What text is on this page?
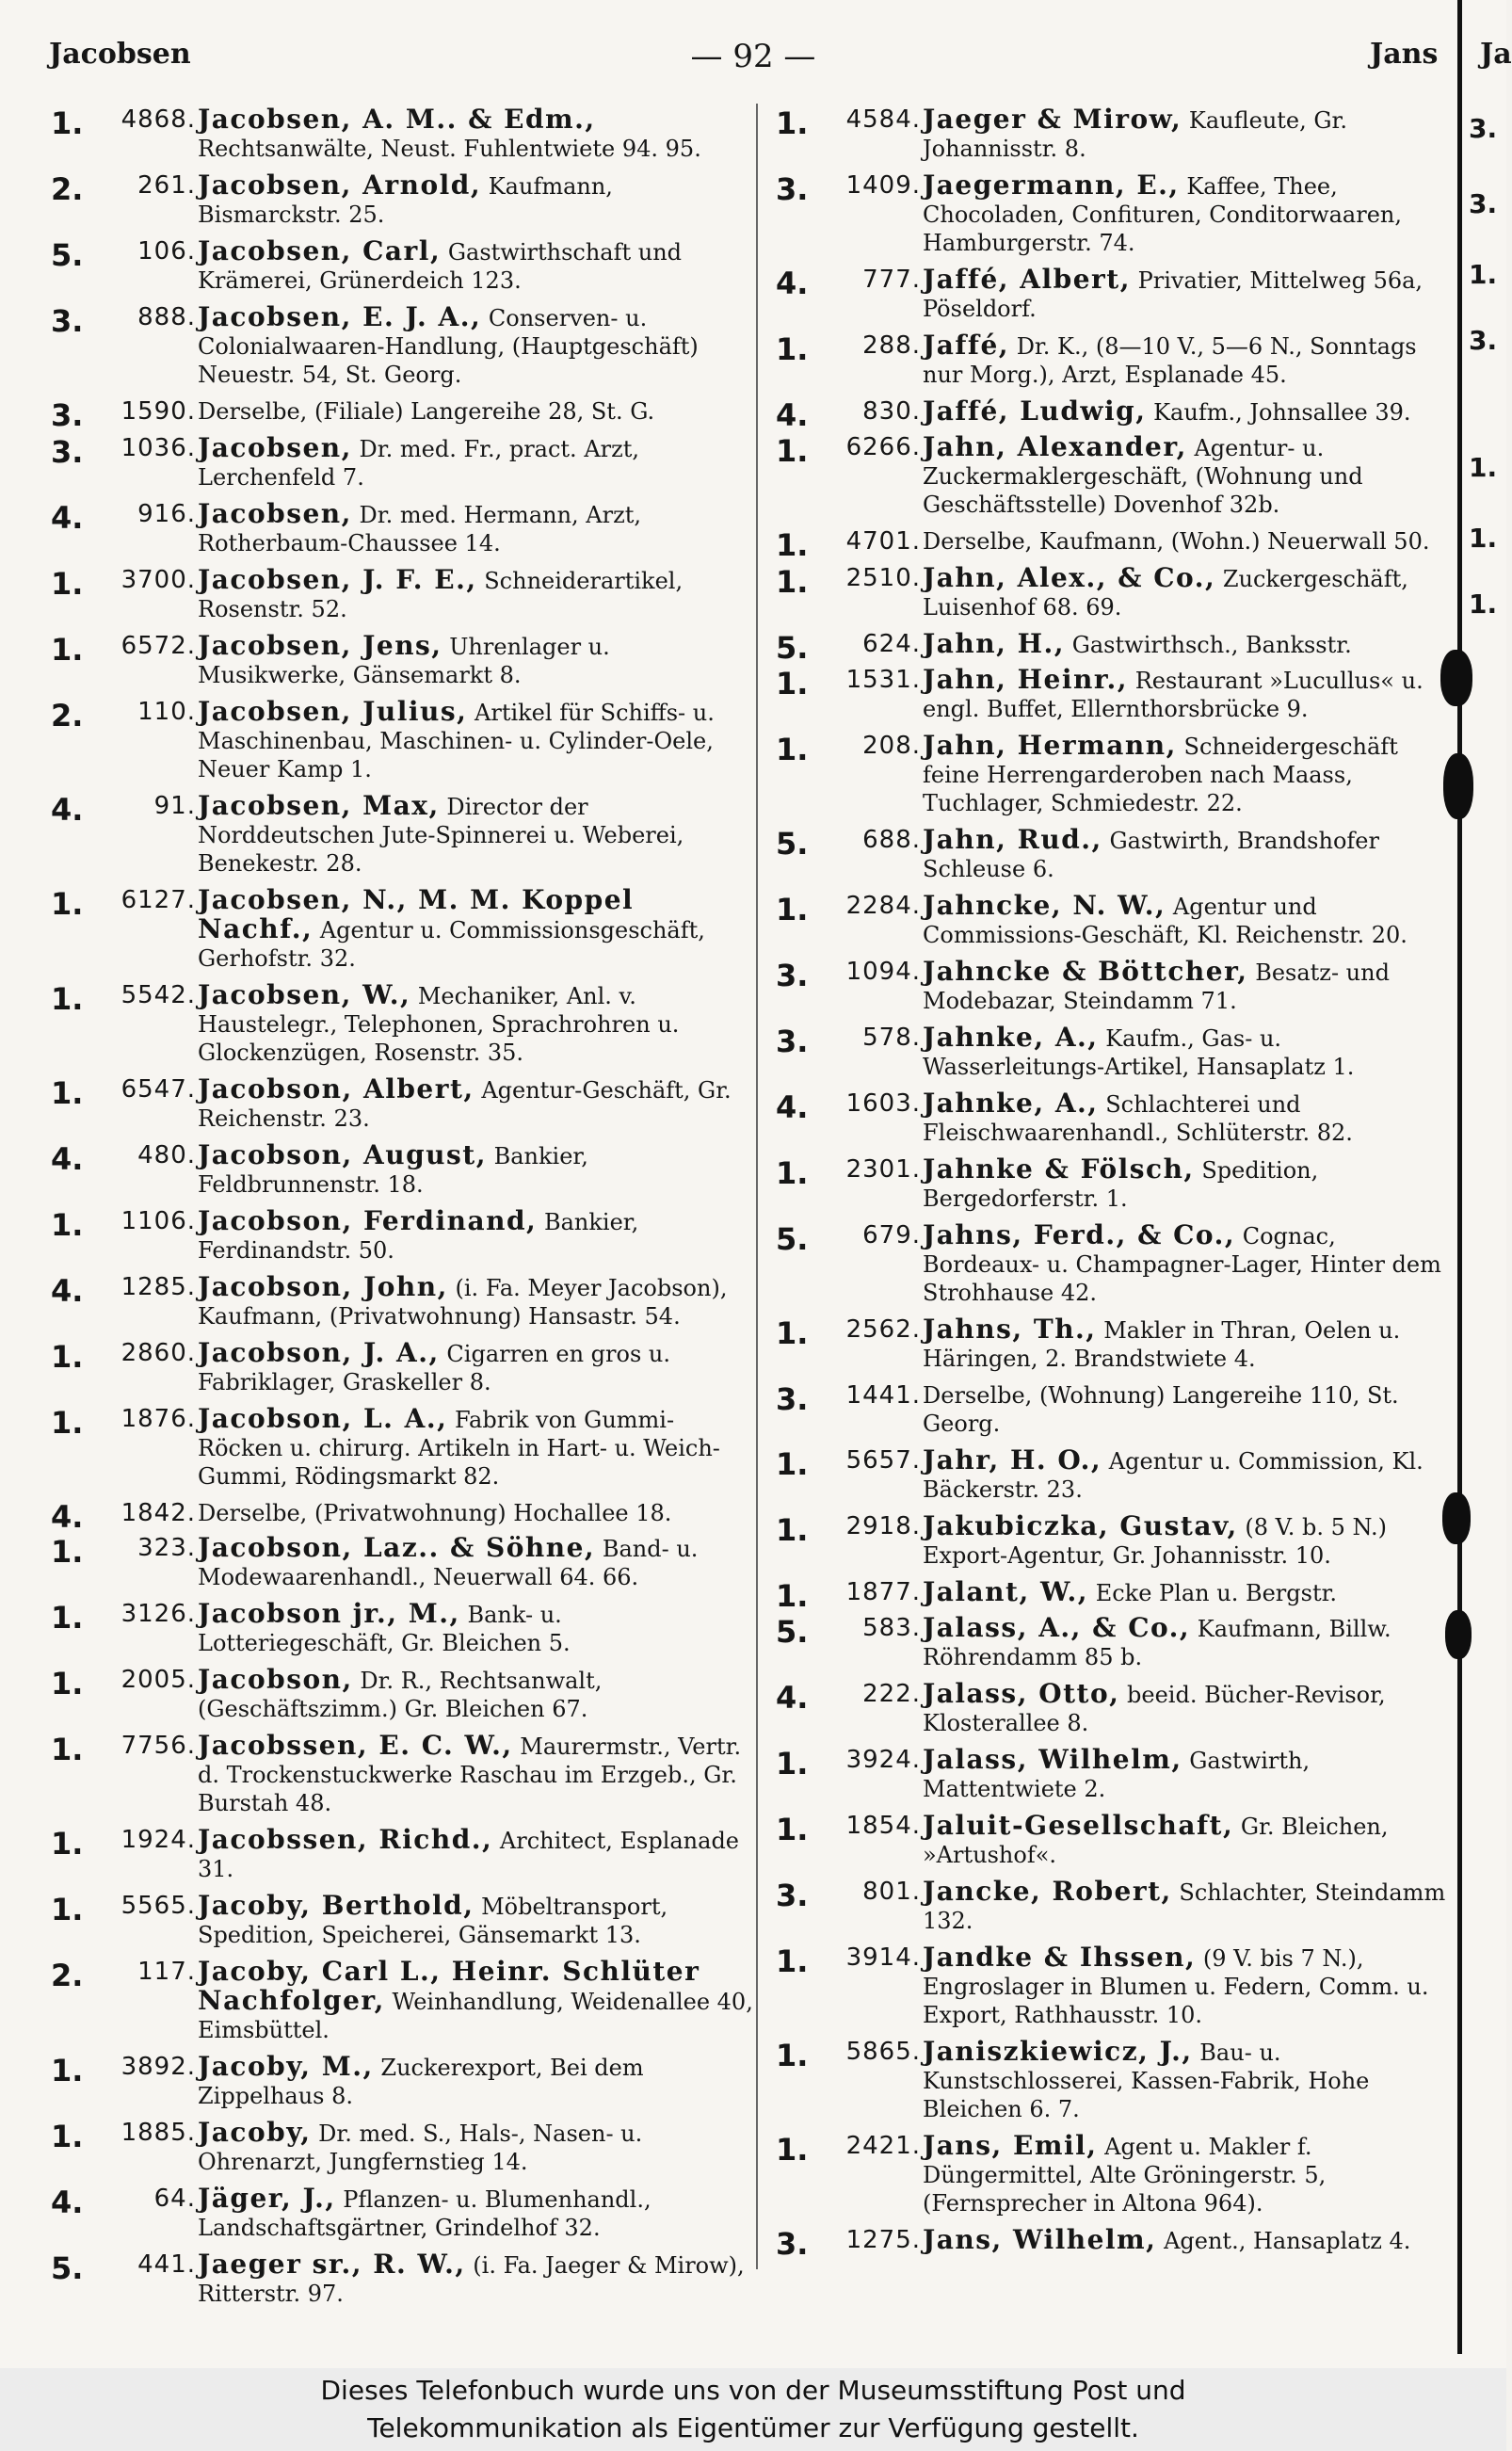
Jacobsen	— 92 —	Jans Ja
1.	4868. Jacobsen, A. M.. & Edm., Rechtsanwälte, Neust. Fuhlentwiete 94. 95.
2.	261. Jacobsen, Arnold, Kaufmann, Bismarckstr. 25.
5.	106. Jacobsen, Carl, Gastwirthschaft und Krämerei, Grünerdeich 123.
3.	888. Jacobsen, E. J. A., Conserven- u. Colonialwaaren-Handlung, (Hauptgeschäft) Neuestr. 54, St. Georg.
3.	1590. Derselbe, (Filiale) Langereihe 28, St. G.
3.	1036. Jacobsen, Dr. med. Fr., pract. Arzt, Lerchenfeld 7.
4.	916. Jacobsen, Dr. med. Hermann, Arzt, Rotherbaum-Chaussee 14.
1.	3700. Jacobsen, J. F. E., Schneiderartikel, Rosenstr. 52.
1.	6572. Jacobsen, Jens, Uhrenlager u. Musikwerke, Gänsemarkt 8.
2.	110. Jacobsen, Julius, Artikel für Schiffs- u. Maschinenbau, Maschinen- u. Cylinder-Oele, Neuer Kamp 1.
4.	91. Jacobsen, Max, Director der Norddeutschen Jute-Spinnerei u. Weberei, Benekestr. 28.
1.	6127. Jacobsen, N., M. M. Koppel Nachf., Agentur u. Commissionsgeschäft, Gerhofstr. 32.
1.	5542. Jacobsen, W., Mechaniker, Anl. v. Haustelegr., Telephonen, Sprachrohren u. Glockenzügen, Rosenstr. 35.
1.	6547. Jacobson, Albert, Agentur-Geschäft, Gr. Reichenstr. 23.
4.	480. Jacobson, August, Bankier, Feldbrunnenstr. 18.
1.	1106. Jacobson, Ferdinand, Bankier, Ferdinandstr. 50.
4.	1285. Jacobson, John, (i. Fa. Meyer Jacobson), Kaufmann, (Privatwohnung) Hansastr. 54.
1.	2860. Jacobson, J. A., Cigarren en gros u. Fabriklager, Graskeller 8.
1.	1876. Jacobson, L. A., Fabrik von Gummi-Röcken u. chirurg. Artikeln in Hart- u. Weich-Gummi, Rödingsmarkt 82.
4.	1842. Derselbe, (Privatwohnung) Hochallee 18.
1.	323. Jacobson, Laz.. & Söhne, Band- u. Modewaarenhandl., Neuerwall 64. 66.
1.	3126. Jacobson jr., M., Bank- u. Lotteriegeschäft, Gr. Bleichen 5.
1.	2005. Jacobson, Dr. R., Rechtsanwalt, (Geschäftszimm.) Gr. Bleichen 67.
1.	7756. Jacobssen, E. C. W., Maurermstr., Vertr. d. Trockenstuckwerke Raschau im Erzgeb., Gr. Burstah 48.
1.	1924. Jacobssen, Richd., Architect, Esplanade 31.
1.	5565. Jacoby, Berthold, Möbeltransport, Spedition, Speicherei, Gänsemarkt 13.
2.	117. Jacoby, Carl L., Heinr. Schlüter Nachfolger, Weinhandlung, Weidenallee 40, Eimsbüttel.
1.	3892. Jacoby, M., Zuckerexport, Bei dem Zippelhaus 8.
1.	1885. Jacoby, Dr. med. S., Hals-, Nasen- u. Ohrenarzt, Jungfernstieg 14.
4.	64. Jäger, J., Pflanzen- u. Blumenhandl., Landschaftsgärtner, Grindelhof 32.
5.	441. Jaeger sr., R. W., (i. Fa. Jaeger & Mirow), Ritterstr. 97.
1.	4584. Jaeger & Mirow, Kaufleute, Gr. Johannisstr. 8.
3.	1409. Jaegermann, E., Kaffee, Thee, Chocoladen, Confituren, Conditorwaaren, Hamburgerstr. 74.
4.	777. Jaffé, Albert, Privatier, Mittelweg 56a, Pöseldorf.
1.	288. Jaffé, Dr. K., (8—10 V., 5—6 N., Sonntags nur Morg.), Arzt, Esplanade 45.
4.	830. Jaffé, Ludwig, Kaufm., Johnsallee 39.
1.	6266. Jahn, Alexander, Agentur- u. Zuckermaklergeschäft, (Wohnung und Geschäftsstelle) Dovenhof 32b.
1.	4701. Derselbe, Kaufmann, (Wohn.) Neuerwall 50.
1.	2510. Jahn, Alex., & Co., Zuckergeschäft, Luisenhof 68. 69.
5.	624. Jahn, H., Gastwirthsch., Banksstr.
1.	1531. Jahn, Heinr., Restaurant »Lucullus« u. engl. Buffet, Ellernthorsbrücke 9.
1.	208. Jahn, Hermann, Schneidergeschäft feine Herrengarderoben nach Maass, Tuchlager, Schmiedestr. 22.
5.	688. Jahn, Rud., Gastwirth, Brandshofer Schleuse 6.
1.	2284. Jahncke, N. W., Agentur und Commissions-Geschäft, Kl. Reichenstr. 20.
3.	1094. Jahncke & Böttcher, Besatz- und Modebazar, Steindamm 71.
3.	578. Jahnke, A., Kaufm., Gas- u. Wasserleitungs-Artikel, Hansaplatz 1.
4.	1603. Jahnke, A., Schlachterei und Fleischwaarenhandl., Schlüterstr. 82.
1.	2301. Jahnke & Fölsch, Spedition, Bergedorferstr. 1.
5.	679. Jahns, Ferd., & Co., Cognac, Bordeaux- u. Champagner-Lager, Hinter dem Strohhause 42.
1.	2562. Jahns, Th., Makler in Thran, Oelen u. Häringen, 2. Brandstwiete 4.
3.	1441. Derselbe, (Wohnung) Langereihe 110, St. Georg.
1.	5657. Jahr, H. O., Agentur u. Commission, Kl. Bäckerstr. 23.
1.	2918. Jakubiczka, Gustav, (8 V. b. 5 N.) Export-Agentur, Gr. Johannisstr. 10.
1.	1877. Jalant, W., Ecke Plan u. Bergstr.
5.	583. Jalass, A., & Co., Kaufmann, Billw. Röhrendamm 85 b.
4.	222. Jalass, Otto, beeid. Bücher-Revisor, Klosterallee 8.
1.	3924. Jalass, Wilhelm, Gastwirth, Mattentwiete 2.
1.	1854. Jaluit-Gesellschaft, Gr. Bleichen, »Artushof«.
3.	801. Jancke, Robert, Schlachter, Steindamm 132.
1.	3914. Jandke & Ihssen, (9 V. bis 7 N.), Engroslager in Blumen u. Federn, Comm. u. Export, Rathhausstr. 10.
1.	5865. Janiszkiewicz, J., Bau- u. Kunstschlosserei, Kassen-Fabrik, Hohe Bleichen 6. 7.
1.	2421. Jans, Emil, Agent u. Makler f. Düngermittel, Alte Gröningerstr. 5, (Fernsprecher in Altona 964).
3.	1275. Jans, Wilhelm, Agent., Hansaplatz 4.
3.
3.
1.
3.
1.
1.
1.
Dieses Telefonbuch wurde uns von der Museumsstiftung Post und
Telekommunikation als Eigentümer zur Verfügung gestellt.
